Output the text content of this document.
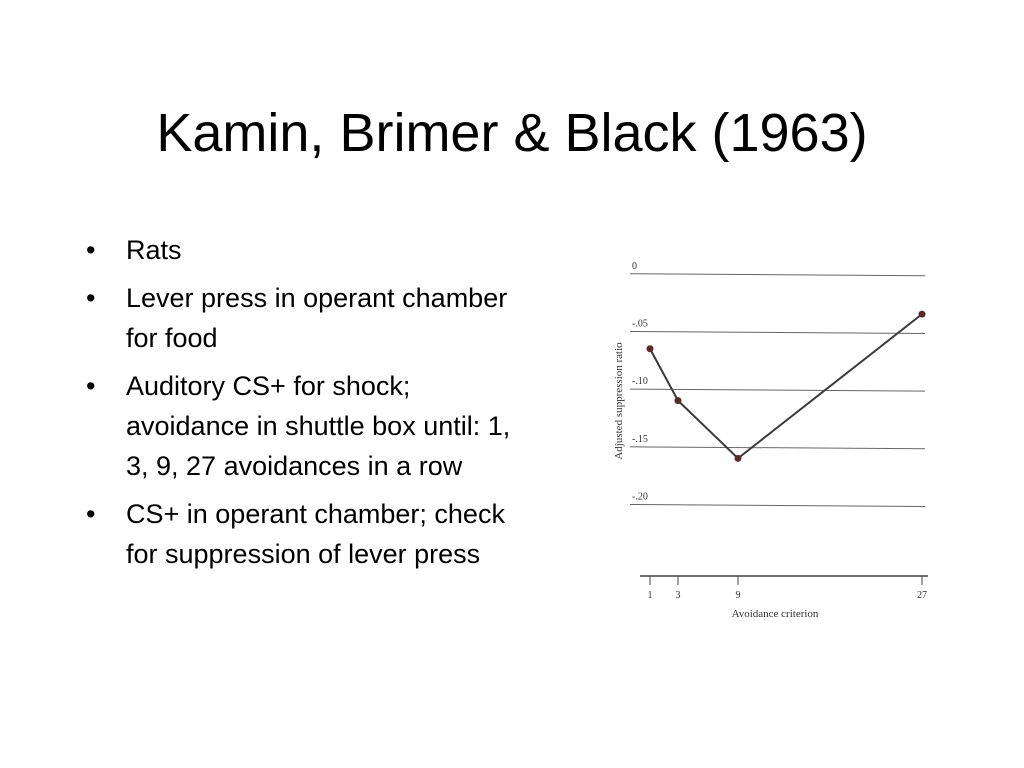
Kamin, Brimer & Black (1963)
• Rats
• Lever press in operant chamber for food
• Auditory CS+ for shock; avoidance in shuttle box until: 1, 3, 9, 27 avoidances in a row
• CS+ in operant chamber; check for suppression of lever press
Adjusted suppression ratio
0
-.05
-.10
-.15
-.20
1 3	9	27
Avoidance criterion
